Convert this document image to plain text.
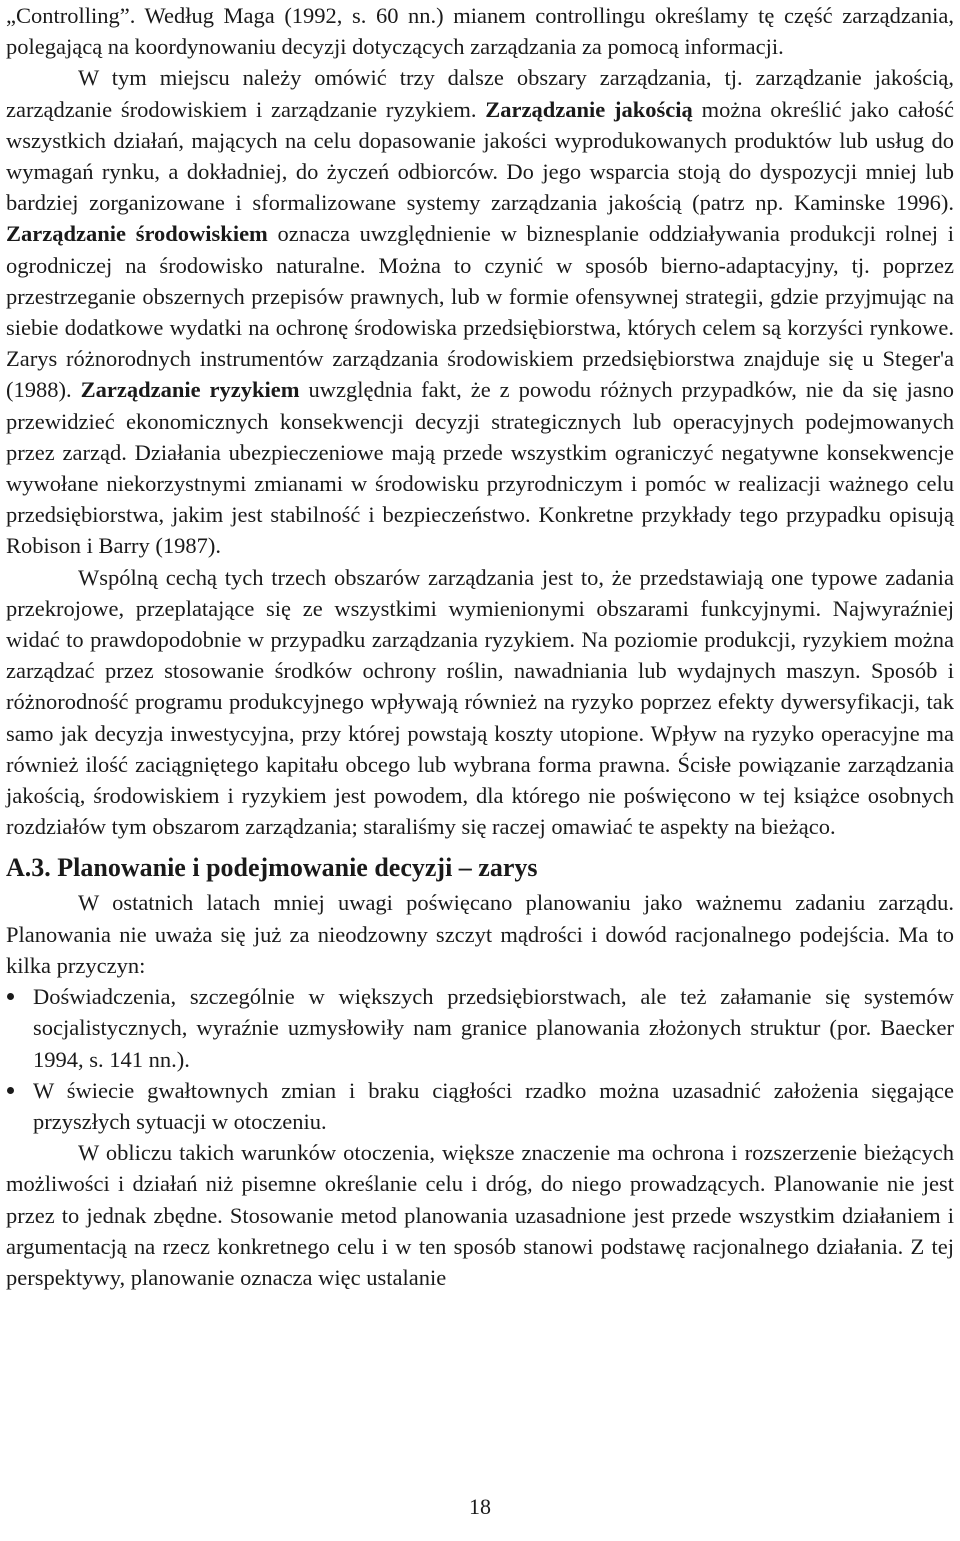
„Controlling”. Według Maga (1992, s. 60 nn.) mianem controllingu określamy tę część zarządzania, polegającą na koordynowaniu decyzji dotyczących zarządzania za pomocą informacji.

W tym miejscu należy omówić trzy dalsze obszary zarządzania, tj. zarządzanie jakością, zarządzanie środowiskiem i zarządzanie ryzykiem. Zarządzanie jakością można określić jako całość wszystkich działań, mających na celu dopasowanie jakości wyprodukowanych produktów lub usług do wymagań rynku, a dokładniej, do życzeń odbiorców. Do jego wsparcia stoją do dyspozycji mniej lub bardziej zorganizowane i sformalizowane systemy zarządzania jakością (patrz np. Kaminske 1996). Zarządzanie środowiskiem oznacza uwzględnienie w biznesplanie oddziaływania produkcji rolnej i ogrodniczej na środowisko naturalne. Można to czynić w sposób bierno-adaptacyjny, tj. poprzez przestrzeganie obszernych przepisów prawnych, lub w formie ofensywnej strategii, gdzie przyjmując na siebie dodatkowe wydatki na ochronę środowiska przedsiębiorstwa, których celem są korzyści rynkowe. Zarys różnorodnych instrumentów zarządzania środowiskiem przedsiębiorstwa znajduje się u Steger'a (1988). Zarządzanie ryzykiem uwzględnia fakt, że z powodu różnych przypadków, nie da się jasno przewidzieć ekonomicznych konsekwencji decyzji strategicznych lub operacyjnych podejmowanych przez zarząd. Działania ubezpieczeniowe mają przede wszystkim ograniczyć negatywne konsekwencje wywołane niekorzystnymi zmianami w środowisku przyrodniczym i pomóc w realizacji ważnego celu przedsiębiorstwa, jakim jest stabilność i bezpieczeństwo. Konkretne przykłady tego przypadku opisują Robison i Barry (1987).

Wspólną cechą tych trzech obszarów zarządzania jest to, że przedstawiają one typowe zadania przekrojowe, przeplatające się ze wszystkimi wymienionymi obszarami funkcyjnymi. Najwyraźniej widać to prawdopodobnie w przypadku zarządzania ryzykiem. Na poziomie produkcji, ryzykiem można zarządzać przez stosowanie środków ochrony roślin, nawadniania lub wydajnych maszyn. Sposób i różnorodność programu produkcyjnego wpływają również na ryzyko poprzez efekty dywersyfikacji, tak samo jak decyzja inwestycyjna, przy której powstają koszty utopione. Wpływ na ryzyko operacyjne ma również ilość zaciągniętego kapitału obcego lub wybrana forma prawna. Ścisłe powiązanie zarządzania jakością, środowiskiem i ryzykiem jest powodem, dla którego nie poświęcono w tej książce osobnych rozdziałów tym obszarom zarządzania; staraliśmy się raczej omawiać te aspekty na bieżąco.

A.3. Planowanie i podejmowanie decyzji – zarys

W ostatnich latach mniej uwagi poświęcano planowaniu jako ważnemu zadaniu zarządu. Planowania nie uważa się już za nieodzowny szczyt mądrości i dowód racjonalnego podejścia. Ma to kilka przyczyn:

Doświadczenia, szczególnie w większych przedsiębiorstwach, ale też załamanie się systemów socjalistycznych, wyraźnie uzmysłowiły nam granice planowania złożonych struktur (por. Baecker 1994, s. 141 nn.).
W świecie gwałtownych zmian i braku ciągłości rzadko można uzasadnić założenia sięgające przyszłych sytuacji w otoczeniu.

W obliczu takich warunków otoczenia, większe znaczenie ma ochrona i rozszerzenie bieżących możliwości i działań niż pisemne określanie celu i dróg, do niego prowadzących. Planowanie nie jest przez to jednak zbędne. Stosowanie metod planowania uzasadnione jest przede wszystkim działaniem i argumentacją na rzecz konkretnego celu i w ten sposób stanowi podstawę racjonalnego działania. Z tej perspektywy, planowanie oznacza więc ustalanie

18
